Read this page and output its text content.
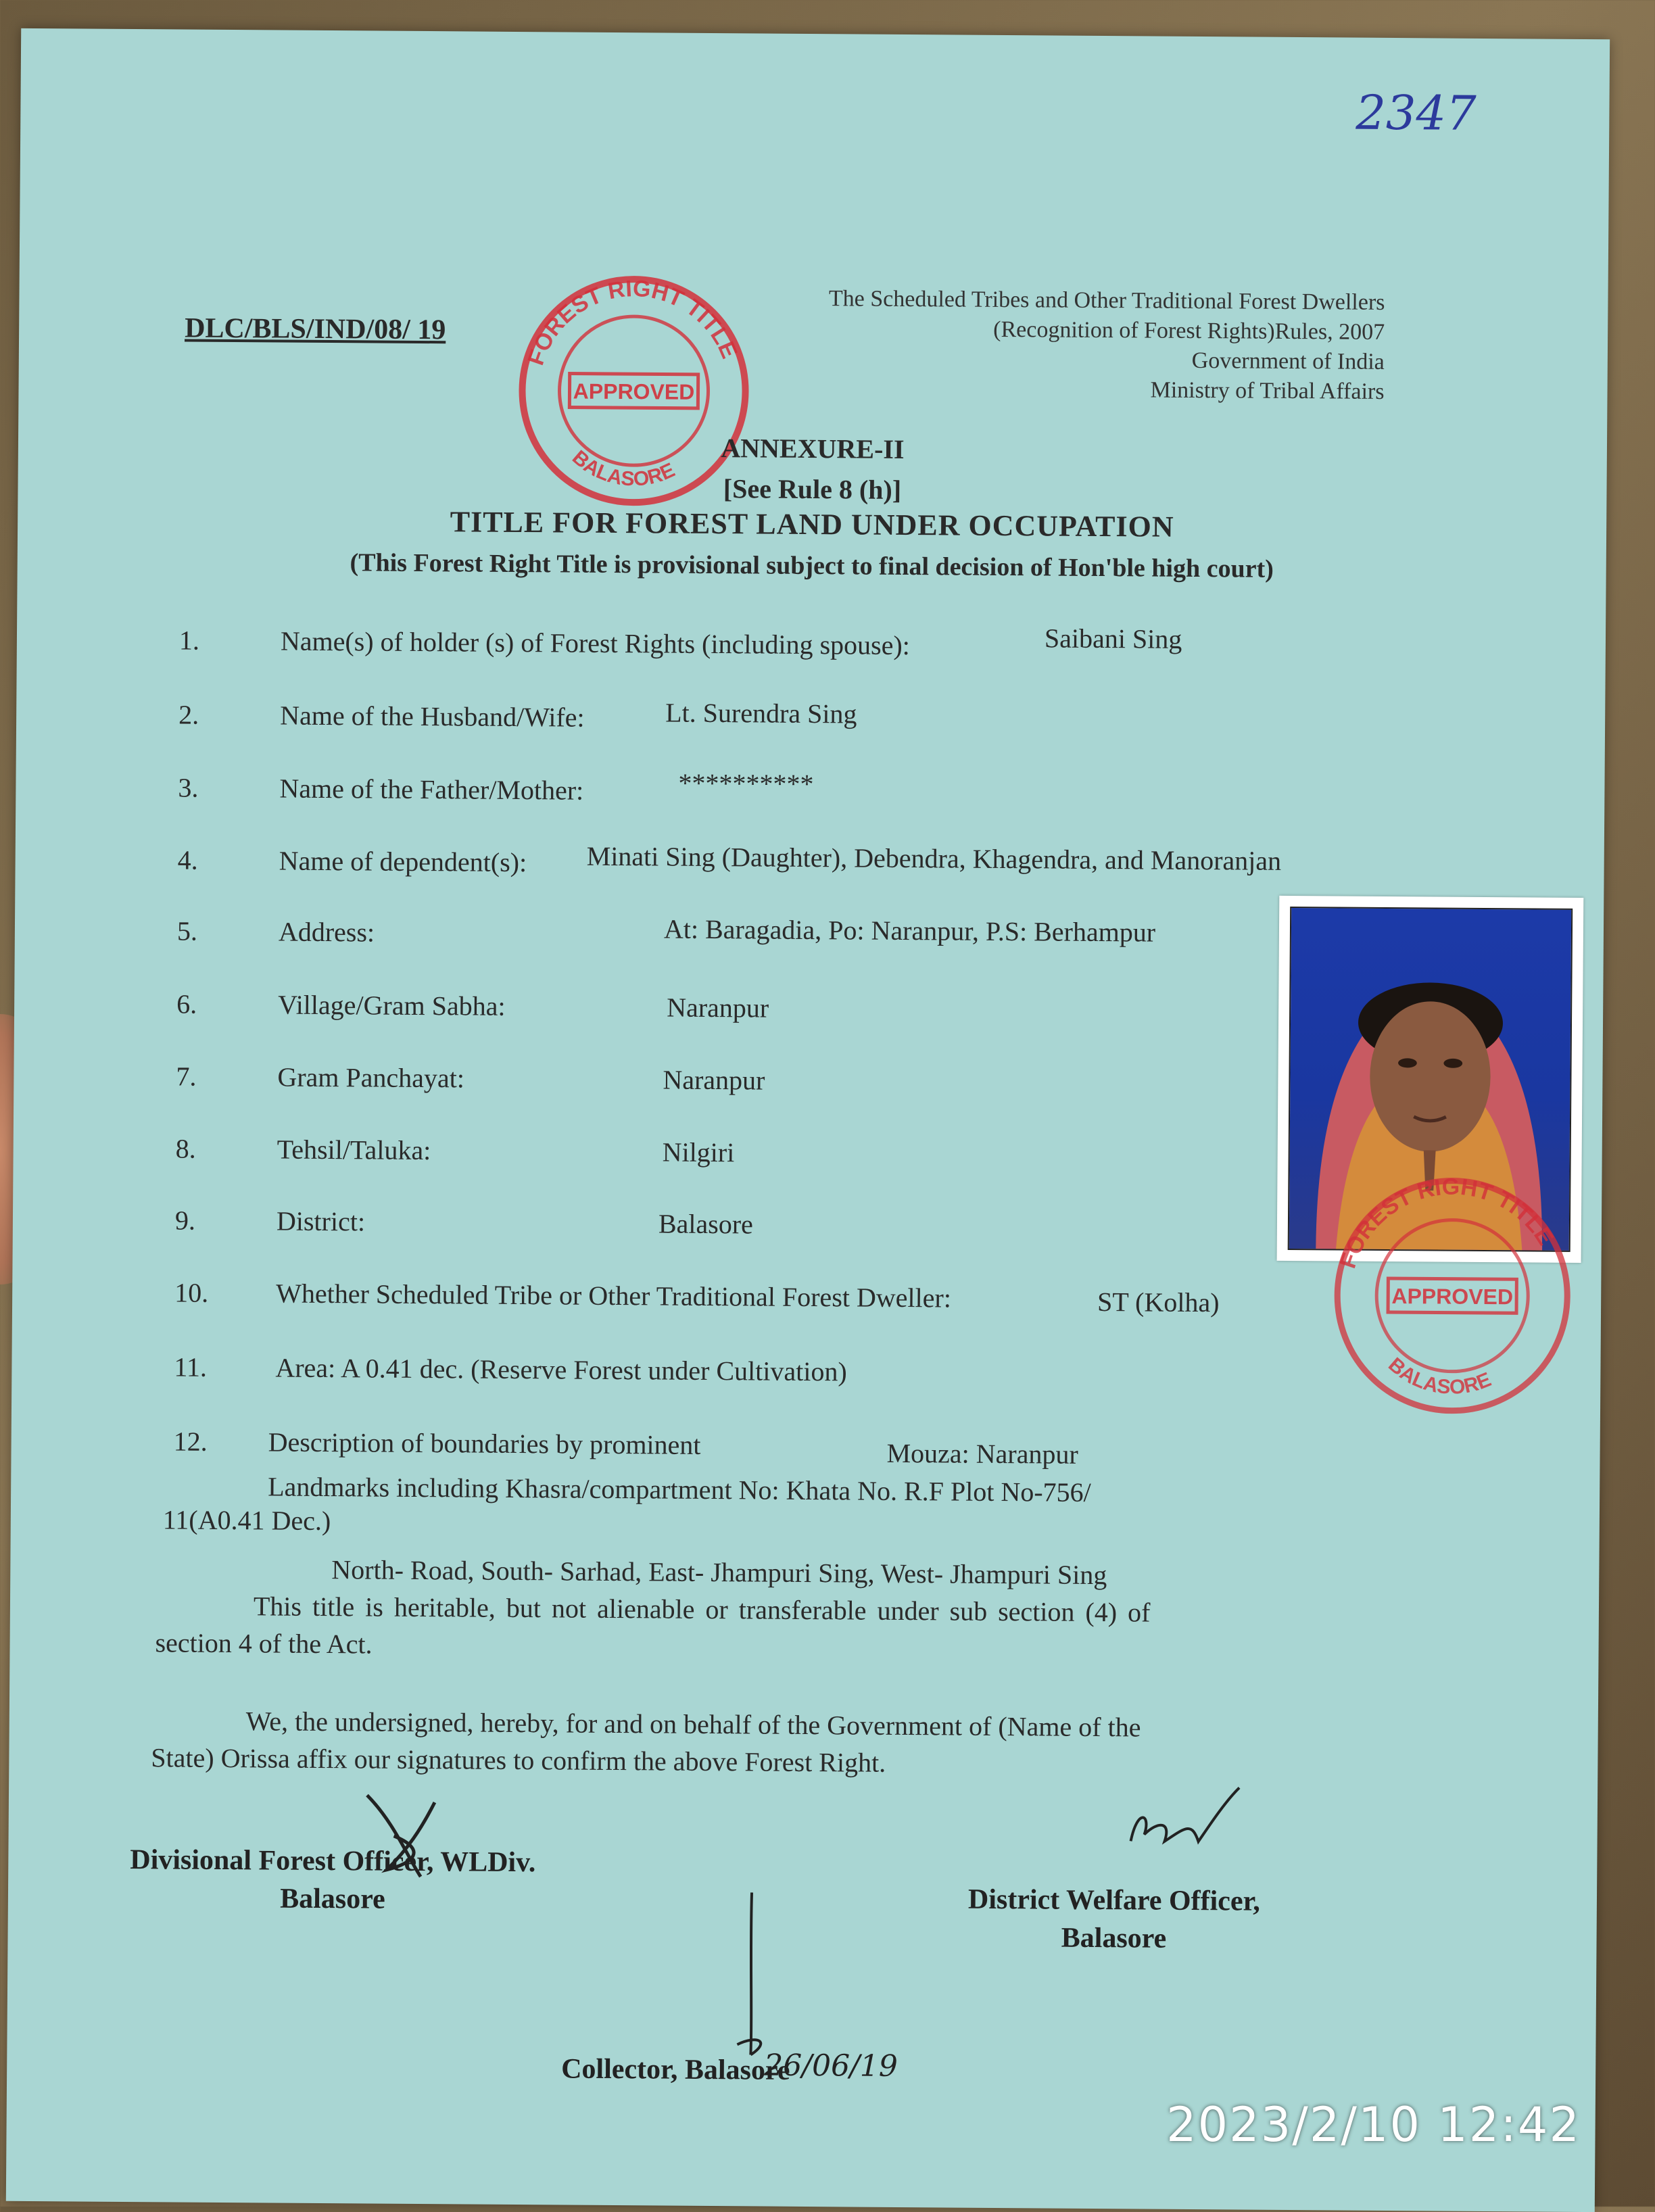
2347
DLC/BLS/IND/08/ 19
The Scheduled Tribes and Other Traditional Forest Dwellers
(Recognition of Forest Rights)Rules, 2007
Government of India
Ministry of Tribal Affairs
FOREST RIGHT TITLE
APPROVED
BALASORE
ANNEXURE-II
[See Rule 8 (h)]
TITLE FOR FOREST LAND UNDER OCCUPATION
(This Forest Right Title is provisional subject to final decision of Hon'ble high court)
1.	Name(s) of holder (s) of Forest Rights (including spouse):	Saibani Sing
2.	Name of the Husband/Wife:	Lt. Surendra Sing
3.	Name of the Father/Mother:	**********
4.	Name of dependent(s): Minati Sing (Daughter), Debendra, Khagendra, and Manoranjan
5.	Address:	At: Baragadia, Po: Naranpur, P.S: Berhampur
6.	Village/Gram Sabha:	Naranpur
7.	Gram Panchayat:	Naranpur
8.	Tehsil/Taluka:	Nilgiri
9.	District:	Balasore
10.	Whether Scheduled Tribe or Other Traditional Forest Dweller:	ST (Kolha)
11.	Area: A 0.41 dec. (Reserve Forest under Cultivation)
12.	Description of boundaries by prominent	Mouza: Naranpur
Landmarks including Khasra/compartment No: Khata No. R.F Plot No-756/
11(A0.41 Dec.)
North- Road, South- Sarhad, East- Jhampuri Sing, West- Jhampuri Sing
This title is heritable, but not alienable or transferable under sub section (4) of
section 4 of the Act.
We, the undersigned, hereby, for and on behalf of the Government of (Name of the
State) Orissa affix our signatures to confirm the above Forest Right.
26/06/19
Divisional Forest Officer, WLDiv.
Balasore	District Welfare Officer,
Balasore
Collector, Balasore
FOREST RIGHT TITLE
APPROVED
BALASORE
2023/2/10 12:42
